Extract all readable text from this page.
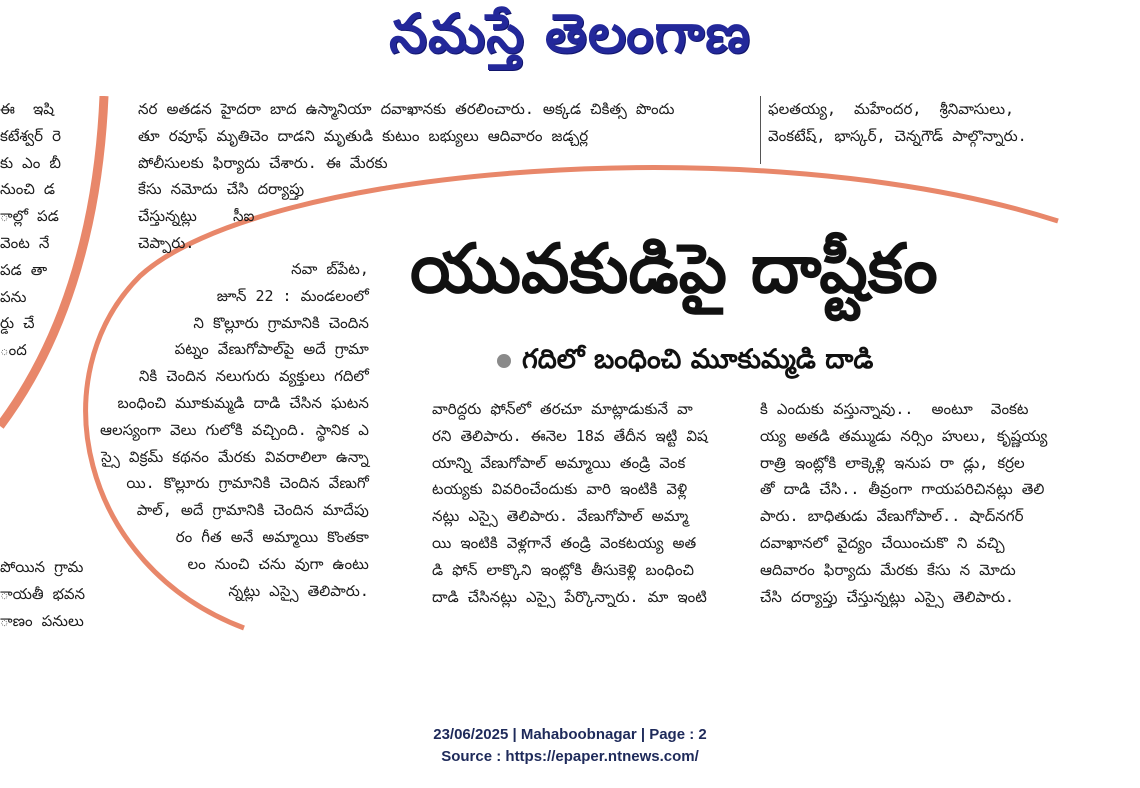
నమస్తే తెలంగాణ
ఈ  ఇషి
కటేశ్వర్ రె
కు ఎం బీ
నుంచి డ
ాల్లో పడ
వెంట నే
పడ తా
పను
ర్డు చే
ంద
పోయిన గ్రామ
ాయతీ భవన
ాణం పనులు
నర అతడన హైదరా బాద ఉస్మానియా దవాఖానకు తరలించారు. అక్కడ చికిత్స పొందు
తూ రవూఫ్ మృతిచెం దాడని మృతుడి కుటుం బభ్యులు ఆదివారం జడ్చర్ల
పోలీసులకు ఫిర్యాదు చేశారు. ఈ మేరకు
కేసు నమోదు చేసి దర్యాప్తు
చేస్తున్నట్లు    సీఐ
చెప్పారు.
ఫలతయ్య,  మహేందర,  శ్రీనివాసులు,
వెంకటేష్, భాస్కర్, చెన్నగౌడ్ పాల్గొన్నారు.
యువకుడిపై దాష్టీకం
గదిలో బంధించి మూకుమ్మడి దాడి
నవా బ్‌పేట,
జూన్ 22 : మండలంలో
ని కొల్లూరు గ్రామానికి చెందిన
పట్నం వేణుగోపాల్‌పై అదే గ్రామా
నికి చెందిన నలుగురు వ్యక్తులు గదిలో
బంధించి మూకుమ్మడి దాడి చేసిన ఘటన
ఆలస్యంగా వెలు గులోకి వచ్చింది. స్థానిక ఎ
స్సై విక్రమ్ కథనం మేరకు వివరాలిలా ఉన్నా
యి. కొల్లూరు గ్రామానికి చెందిన వేణుగో
పాల్, అదే గ్రామానికి చెందిన మాదేపు
రం గీత అనే అమ్మాయి కొంతకా
లం నుంచి చను వుగా ఉంటు
న్నట్లు ఎస్సై తెలిపారు.
వారిద్దరు ఫోన్‌లో తరచూ మాట్లాడుకునే వా
రని తెలిపారు. ఈనెల 18వ తేదీన ఇట్టి విష
యాన్ని వేణుగోపాల్ అమ్మాయి తండ్రి వెంక
టయ్యకు వివరించేందుకు వారి ఇంటికి వెళ్లి
నట్లు ఎస్సై తెలిపారు. వేణుగోపాల్ అమ్మా
యి ఇంటికి వెళ్లగానే తండ్రి వెంకటయ్య అత
డి ఫోన్ లాక్కొని ఇంట్లోకి తీసుకెళ్లి బంధించి
దాడి చేసినట్లు ఎస్సై పేర్కొన్నారు. మా ఇంటి
కి ఎందుకు వస్తున్నావు..  అంటూ  వెంకట
య్య అతడి తమ్ముడు నర్సిం హులు, కృష్ణయ్య
రాత్రి ఇంట్లోకి లాక్కెళ్లి ఇనుప రా డ్లు, కర్రల
తో దాడి చేసి.. తీవ్రంగా గాయపరిచినట్లు తెలి
పారు. బాధితుడు వేణుగోపాల్.. షాద్‌నగర్
దవాఖానలో వైద్యం చేయించుకొ ని వచ్చి
ఆదివారం ఫిర్యాదు మేరకు కేసు న మోదు
చేసి దర్యాప్తు చేస్తున్నట్లు ఎస్సై తెలిపారు.
23/06/2025 | Mahaboobnagar | Page : 2
Source : https://epaper.ntnews.com/
